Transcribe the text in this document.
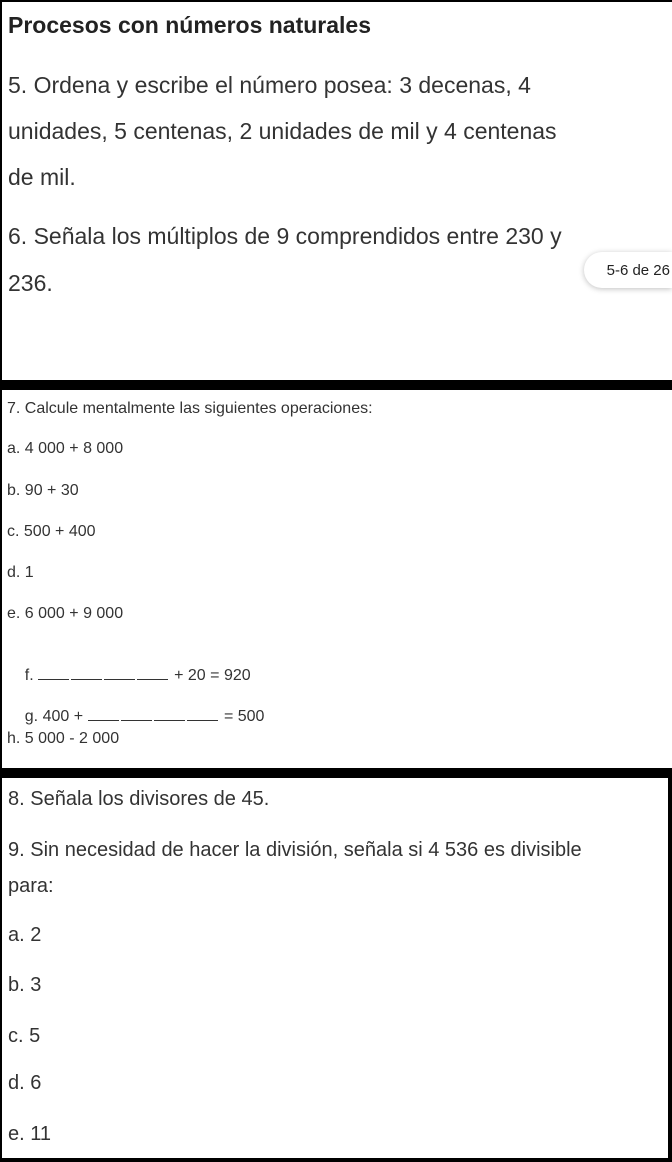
Procesos con números naturales
5. Ordena y escribe el número posea: 3 decenas, 4
unidades, 5 centenas, 2 unidades de mil y 4 centenas
de mil.
6. Señala los múltiplos de 9 comprendidos entre 230 y
236.	5-6 de 26
7. Calcule mentalmente las siguientes operaciones:
a. 4 000 + 8 000
b. 90 + 30
c. 500 + 400
d. 1
e. 6 000 + 9 000

f.	+ 20 = 920

g. 400 +	= 500

h. 5 000 - 2 000
8. Señala los divisores de 45.
9. Sin necesidad de hacer la división, señala si 4 536 es divisible
para:
a. 2
b. 3
c. 5
d. 6
e. 11
